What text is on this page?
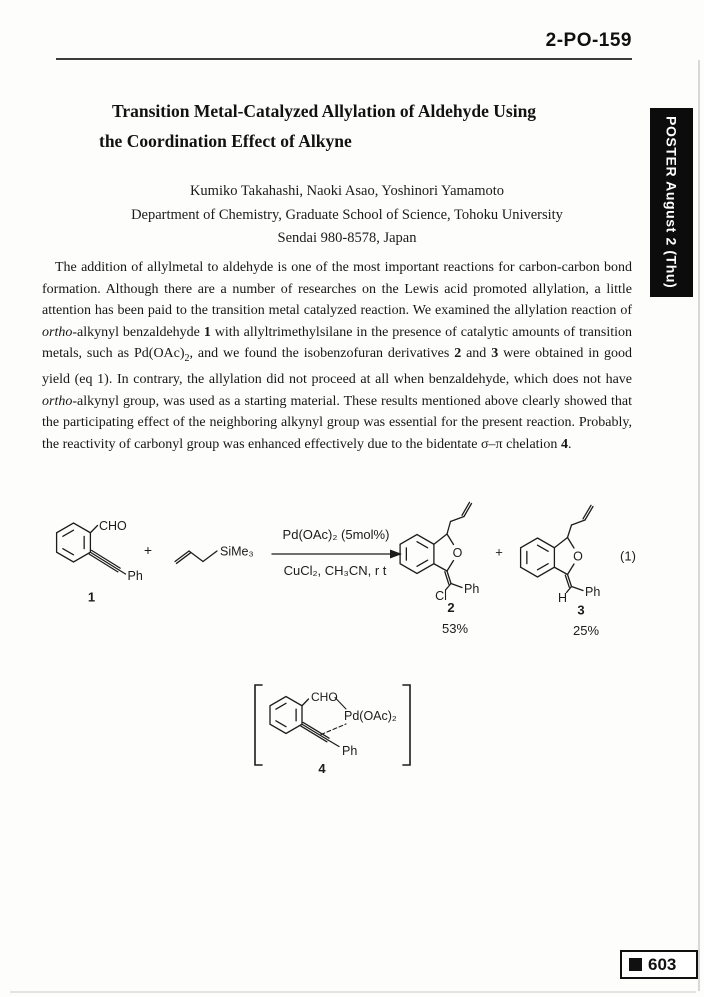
2-PO-159
POSTER August 2 (Thu)
Transition Metal-Catalyzed Allylation of Aldehyde Using
the Coordination Effect of Alkyne
Kumiko Takahashi, Naoki Asao, Yoshinori Yamamoto
Department of Chemistry, Graduate School of Science, Tohoku University
Sendai 980-8578, Japan

The addition of allylmetal to aldehyde is one of the most important reactions for carbon-carbon bond formation. Although there are a number of researches on the Lewis acid promoted allylation, a little attention has been paid to the transition metal catalyzed reaction. We examined the allylation reaction of ortho-alkynyl benzaldehyde 1 with allyltrimethylsilane in the presence of catalytic amounts of transition metals, such as $Pd(OAc)_2$, and we found the isobenzofuran derivatives 2 and 3 were obtained in good yield (eq 1). In contrary, the allylation did not proceed at all when benzaldehyde, which does not have ortho-alkynyl group, was used as a starting material. These results mentioned above clearly showed that the participating effect of the neighboring alkynyl group was essential for the present reaction. Probably, the reactivity of carbonyl group was enhanced effectively due to the bidentate σ–π chelation 4.

CHO
Ph
1
+	SiMe₃
Pd(OAc)₂ (5mol%)
CuCl₂, CH₃CN, r t
O
Cl Ph
2
53%
+	O
H Ph
3
25%
(1)
CHO
Pd(OAc)₂
Ph
4
603
